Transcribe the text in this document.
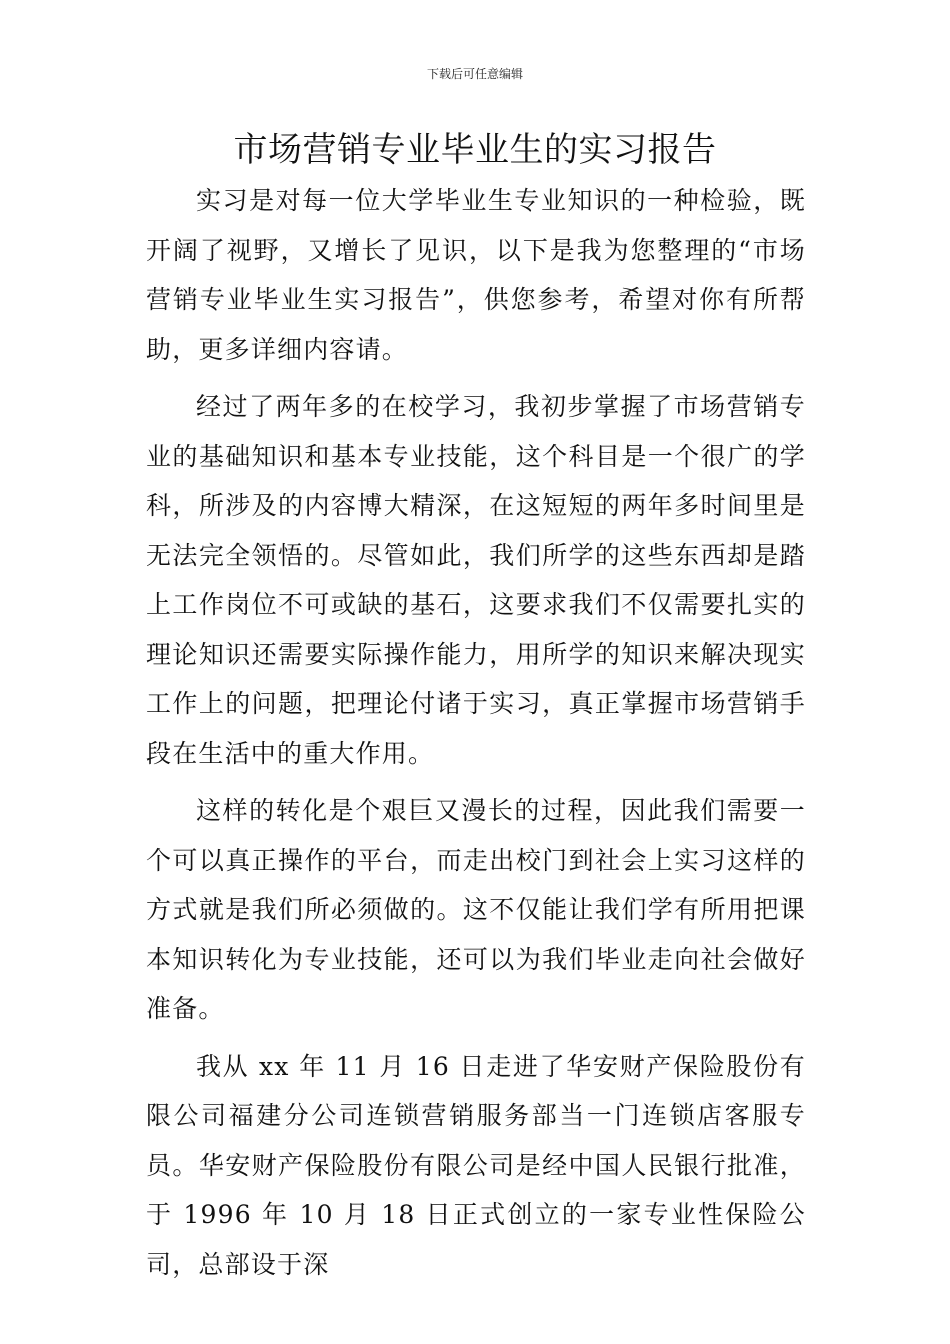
下载后可任意编辑
市场营销专业毕业生的实习报告

实习是对每一位大学毕业生专业知识的一种检验，既开阔了视野，又增长了见识，以下是我为您整理的“市场营销专业毕业生实习报告”，供您参考，希望对你有所帮助，更多详细内容请。

经过了两年多的在校学习，我初步掌握了市场营销专业的基础知识和基本专业技能，这个科目是一个很广的学科，所涉及的内容博大精深，在这短短的两年多时间里是无法完全领悟的。尽管如此，我们所学的这些东西却是踏上工作岗位不可或缺的基石，这要求我们不仅需要扎实的理论知识还需要实际操作能力，用所学的知识来解决现实工作上的问题，把理论付诸于实习，真正掌握市场营销手段在生活中的重大作用。

这样的转化是个艰巨又漫长的过程，因此我们需要一个可以真正操作的平台，而走出校门到社会上实习这样的方式就是我们所必须做的。这不仅能让我们学有所用把课本知识转化为专业技能，还可以为我们毕业走向社会做好准备。

我从 xx 年 11 月 16 日走进了华安财产保险股份有限公司福建分公司连锁营销服务部当一门连锁店客服专员。华安财产保险股份有限公司是经中国人民银行批准，于 1996 年 10 月 18 日正式创立的一家专业性保险公司，总部设于深
